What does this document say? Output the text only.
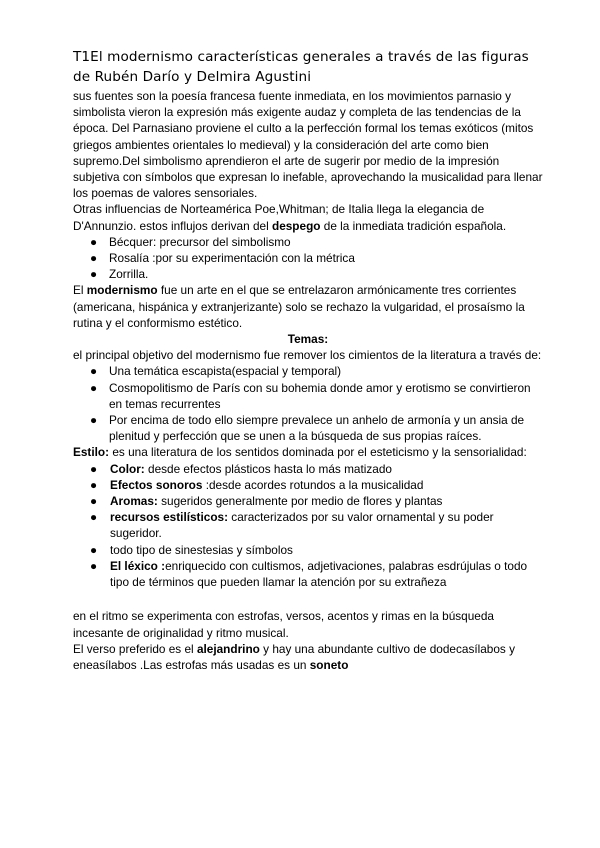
T1El modernismo características generales a través de las figuras de Rubén Darío y Delmira Agustini

sus fuentes son la poesía francesa fuente inmediata, en los movimientos parnasio y simbolista vieron la expresión más exigente audaz y completa de las tendencias de la época. Del Parnasiano proviene el culto a la perfección formal los temas exóticos (mitos griegos ambientes orientales lo medieval) y la consideración del arte como bien supremo.Del simbolismo aprendieron el arte de sugerir por medio de la impresión subjetiva con símbolos que expresan lo inefable, aprovechando la musicalidad para llenar los poemas de valores sensoriales.

Otras influencias de Norteamérica Poe,Whitman; de Italia llega la elegancia de D'Annunzio. estos influjos derivan del despego de la inmediata tradición española.

● Bécquer: precursor del simbolismo
● Rosalía :por su experimentación con la métrica
● Zorrilla.

El modernismo fue un arte en el que se entrelazaron armónicamente tres corrientes (americana, hispánica y extranjerizante) solo se rechazo la vulgaridad, el prosaísmo la rutina y el conformismo estético.

Temas:

el principal objetivo del modernismo fue remover los cimientos de la literatura a través de:

● Una temática escapista(espacial y temporal)
● Cosmopolitismo de París con su bohemia donde amor y erotismo se convirtieron en temas recurrentes
● Por encima de todo ello siempre prevalece un anhelo de armonía y un ansia de plenitud y perfección que se unen a la búsqueda de sus propias raíces.

Estilo: es una literatura de los sentidos dominada por el esteticismo y la sensorialidad:

● Color: desde efectos plásticos hasta lo más matizado
● Efectos sonoros :desde acordes rotundos a la musicalidad
● Aromas: sugeridos generalmente por medio de flores y plantas
● recursos estilísticos: caracterizados por su valor ornamental y su poder sugeridor.
● todo tipo de sinestesias y símbolos
● El léxico :enriquecido con cultismos, adjetivaciones, palabras esdrújulas o todo tipo de términos que pueden llamar la atención por su extrañeza

en el ritmo se experimenta con estrofas, versos, acentos y rimas en la búsqueda incesante de originalidad y ritmo musical.

El verso preferido es el alejandrino y hay una abundante cultivo de dodecasílabos y eneasílabos .Las estrofas más usadas es un soneto
